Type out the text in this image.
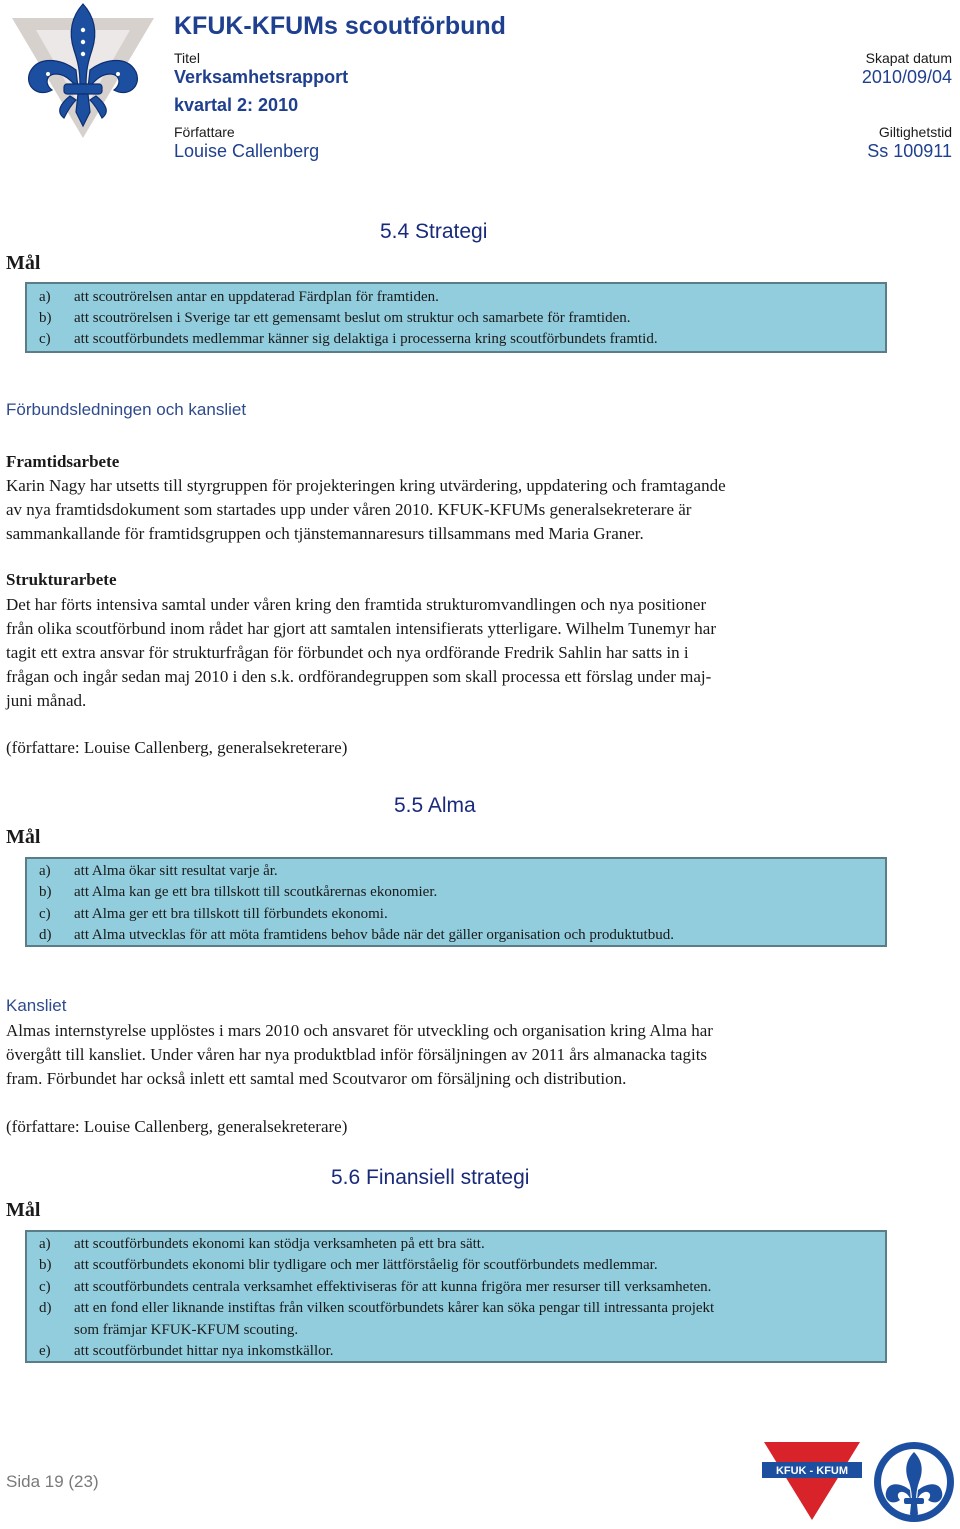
KFUK-KFUMs scoutförbund
Titel
Verksamhetsrapport
kvartal 2: 2010
Skapat datum
2010/09/04
Författare
Louise Callenberg
Giltighetstid
Ss 100911
5.4 Strategi
Mål
a) att scoutrörelsen antar en uppdaterad Färdplan för framtiden.
b) att scoutrörelsen i Sverige tar ett gemensamt beslut om struktur och samarbete för framtiden.
c) att scoutförbundets medlemmar känner sig delaktiga i processerna kring scoutförbundets framtid.
Förbundsledningen och kansliet
Framtidsarbete
Karin Nagy har utsetts till styrgruppen för projekteringen kring utvärdering, uppdatering och framtagande
av nya framtidsdokument som startades upp under våren 2010. KFUK-KFUMs generalsekreterare är
sammankallande för framtidsgruppen och tjänstemannaresurs tillsammans med Maria Graner.
Strukturarbete
Det har förts intensiva samtal under våren kring den framtida strukturomvandlingen och nya positioner
från olika scoutförbund inom rådet har gjort att samtalen intensifierats ytterligare. Wilhelm Tunemyr har
tagit ett extra ansvar för strukturfrågan för förbundet och nya ordförande Fredrik Sahlin har satts in i
frågan och ingår sedan maj 2010 i den s.k. ordförandegruppen som skall processa ett förslag under maj-
juni månad.
(författare: Louise Callenberg, generalsekreterare)
5.5 Alma
Mål
a) att Alma ökar sitt resultat varje år.
b) att Alma kan ge ett bra tillskott till scoutkårernas ekonomier.
c) att Alma ger ett bra tillskott till förbundets ekonomi.
d) att Alma utvecklas för att möta framtidens behov både när det gäller organisation och produktutbud.
Kansliet
Almas internstyrelse upplöstes i mars 2010 och ansvaret för utveckling och organisation kring Alma har
övergått till kansliet. Under våren har nya produktblad inför försäljningen av 2011 års almanacka tagits
fram. Förbundet har också inlett ett samtal med Scoutvaror om försäljning och distribution.
(författare: Louise Callenberg, generalsekreterare)
5.6 Finansiell strategi
Mål
a) att scoutförbundets ekonomi kan stödja verksamheten på ett bra sätt.
b) att scoutförbundets ekonomi blir tydligare och mer lättförståelig för scoutförbundets medlemmar.
c) att scoutförbundets centrala verksamhet effektiviseras för att kunna frigöra mer resurser till verksamheten.
d) att en fond eller liknande instiftas från vilken scoutförbundets kårer kan söka pengar till intressanta projekt
som främjar KFUK-KFUM scouting.
e) att scoutförbundet hittar nya inkomstkällor.
Sida 19 (23)
KFUK - KFUM
